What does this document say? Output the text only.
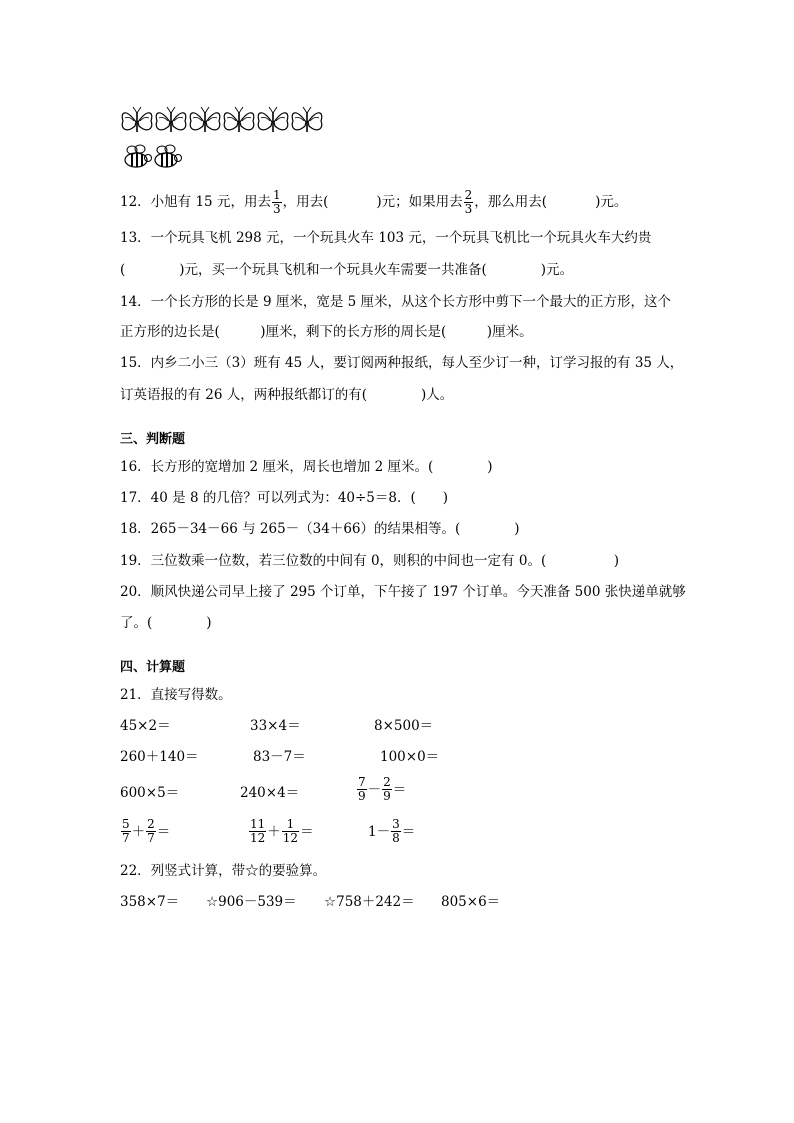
12．小旭有 15 元，用去 $\frac{1}{3}$ ，用去(	)元；如果用去 $\frac{2}{3}$ ，那么用去(	)元。
13．一个玩具飞机 298 元，一个玩具火车 103 元，一个玩具飞机比一个玩具火车大约贵
(　　　　)元，买一个玩具飞机和一个玩具火车需要一共准备(　　　　)元。
14．一个长方形的长是 9 厘米，宽是 5 厘米，从这个长方形中剪下一个最大的正方形，这个
正方形的边长是(　　　)厘米，剩下的长方形的周长是(　　　)厘米。
15．内乡二小三（3）班有 45 人，要订阅两种报纸，每人至少订一种，订学习报的有 35 人，
订英语报的有 26 人，两种报纸都订的有(　　　　)人。
三、判断题
16．长方形的宽增加 2 厘米，周长也增加 2 厘米。(　　　　)
17．40 是 8 的几倍？可以列式为：40÷5＝8．(　　)
18．265－34－66 与 265－（34＋66）的结果相等。(　　　　)
19．三位数乘一位数，若三位数的中间有 0，则积的中间也一定有 0。(　　　　　)
20．顺风快递公司早上接了 295 个订单，下午接了 197 个订单。今天准备 500 张快递单就够
了。(　　　　)
四、计算题
21．直接写得数。
45×2＝	33×4＝	8×500＝
260＋140＝	83－7＝	100×0＝
600×5＝	240×4＝	$\frac{7}{9} - \frac{2}{9}$ ＝
$\frac{5}{7} + \frac{2}{7}$ ＝	$\frac{11}{12} + \frac{1}{12}$ ＝	$1- \frac{3}{8}$ ＝
22．列竖式计算，带☆的要验算。
358×7＝ ☆906－539＝ ☆758＋242＝ 805×6＝
